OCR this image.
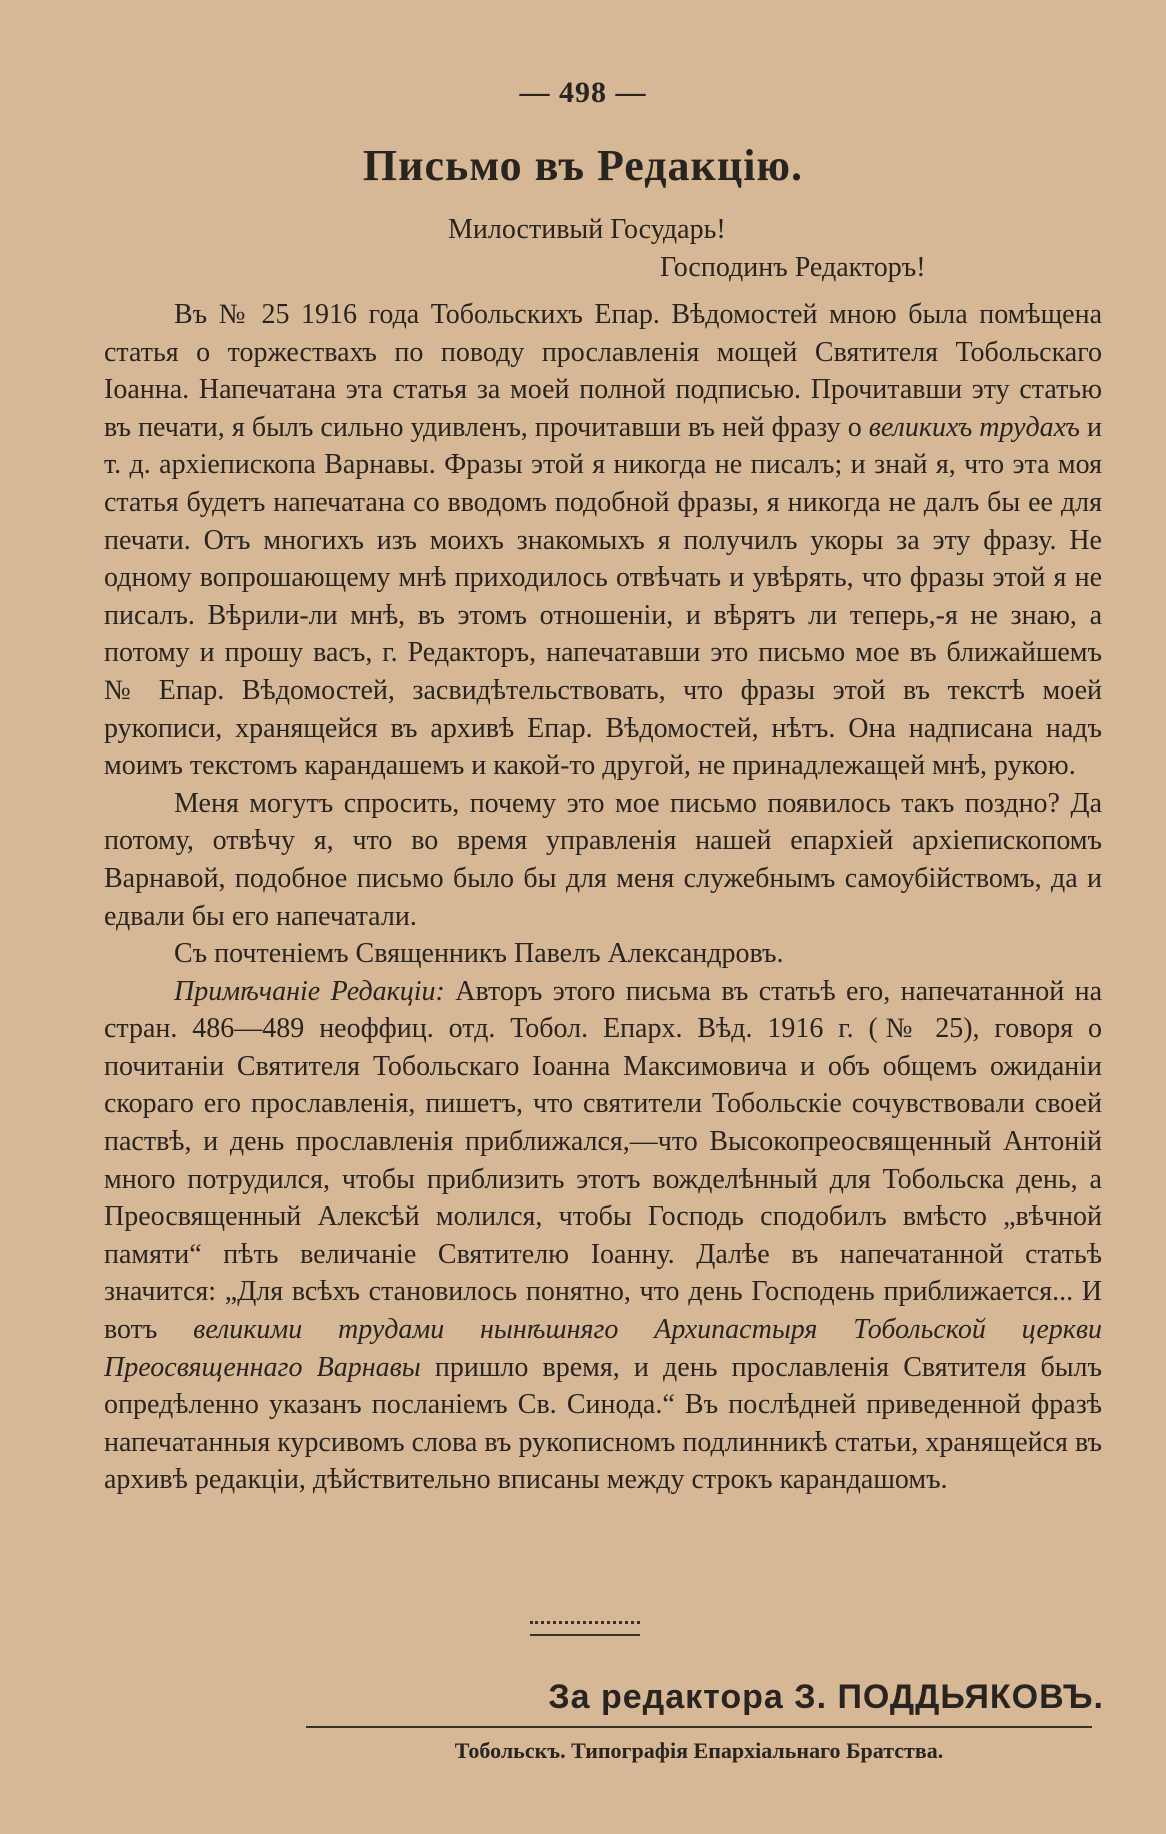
— 498 —
Письмо въ Редакцію.
Милостивый Государь!
Господинъ Редакторъ!

Въ № 25 1916 года Тобольскихъ Епар. Вѣдомостей мною была помѣщена статья о торжествахъ по поводу прославленія мощей Святителя Тобольскаго Іоанна. Напечатана эта статья за моей полной подписью. Прочитавши эту статью въ печати, я былъ сильно удивленъ, прочитавши въ ней фразу о великихъ трудахъ и т. д. архіепископа Варнавы. Фразы этой я никогда не писалъ; и знай я, что эта моя статья будетъ напечатана со вводомъ подобной фразы, я никогда не далъ бы ее для печати. Отъ многихъ изъ моихъ знакомыхъ я получилъ укоры за эту фразу. Не одному вопрошающему мнѣ приходилось отвѣчать и увѣрять, что фразы этой я не писалъ. Вѣрили-ли мнѣ, въ этомъ отношеніи, и вѣрятъ ли теперь,-я не знаю, а потому и прошу васъ, г. Редакторъ, напечатавши это письмо мое въ ближайшемъ № Епар. Вѣдомостей, засвидѣтельствовать, что фразы этой въ текстѣ моей рукописи, хранящейся въ архивѣ Епар. Вѣдомостей, нѣтъ. Она надписана надъ моимъ текстомъ карандашемъ и какой-то другой, не принадлежащей мнѣ, рукою.

Меня могутъ спросить, почему это мое письмо появилось такъ поздно? Да потому, отвѣчу я, что во время управленія нашей епархіей архіепископомъ Варнавой, подобное письмо было бы для меня служебнымъ самоубійствомъ, да и едвали бы его напечатали.

Съ почтеніемъ Священникъ Павелъ Александровъ.

Примѣчаніе Редакціи: Авторъ этого письма въ статьѣ его, напечатанной на стран. 486—489 неоффиц. отд. Тобол. Епарх. Вѣд. 1916 г. (№ 25), говоря о почитаніи Святителя Тобольскаго Іоанна Максимовича и объ общемъ ожиданіи скораго его прославленія, пишетъ, что святители Тобольскіе сочувствовали своей паствѣ, и день прославленія приближался,—что Высокопреосвященный Антоній много потрудился, чтобы приблизить этотъ вожделѣнный для Тобольска день, а Преосвященный Алексѣй молился, чтобы Господь сподобилъ вмѣсто „вѣчной памяти“ пѣть величаніе Святителю Іоанну. Далѣе въ напечатанной статьѣ значится: „Для всѣхъ становилось понятно, что день Господень приближается... И вотъ великими трудами нынѣшняго Архипастыря Тобольской церкви Преосвященнаго Варнавы пришло время, и день прославленія Святителя былъ опредѣленно указанъ посланіемъ Св. Синода.“ Въ послѣдней приведенной фразѣ напечатанныя курсивомъ слова въ рукописномъ подлинникѣ статьи, хранящейся въ архивѣ редакціи, дѣйствительно вписаны между строкъ карандашомъ.

За редактора З. ПОДДЬЯКОВЪ.
Тобольскъ. Типографія Епархіальнаго Братства.
